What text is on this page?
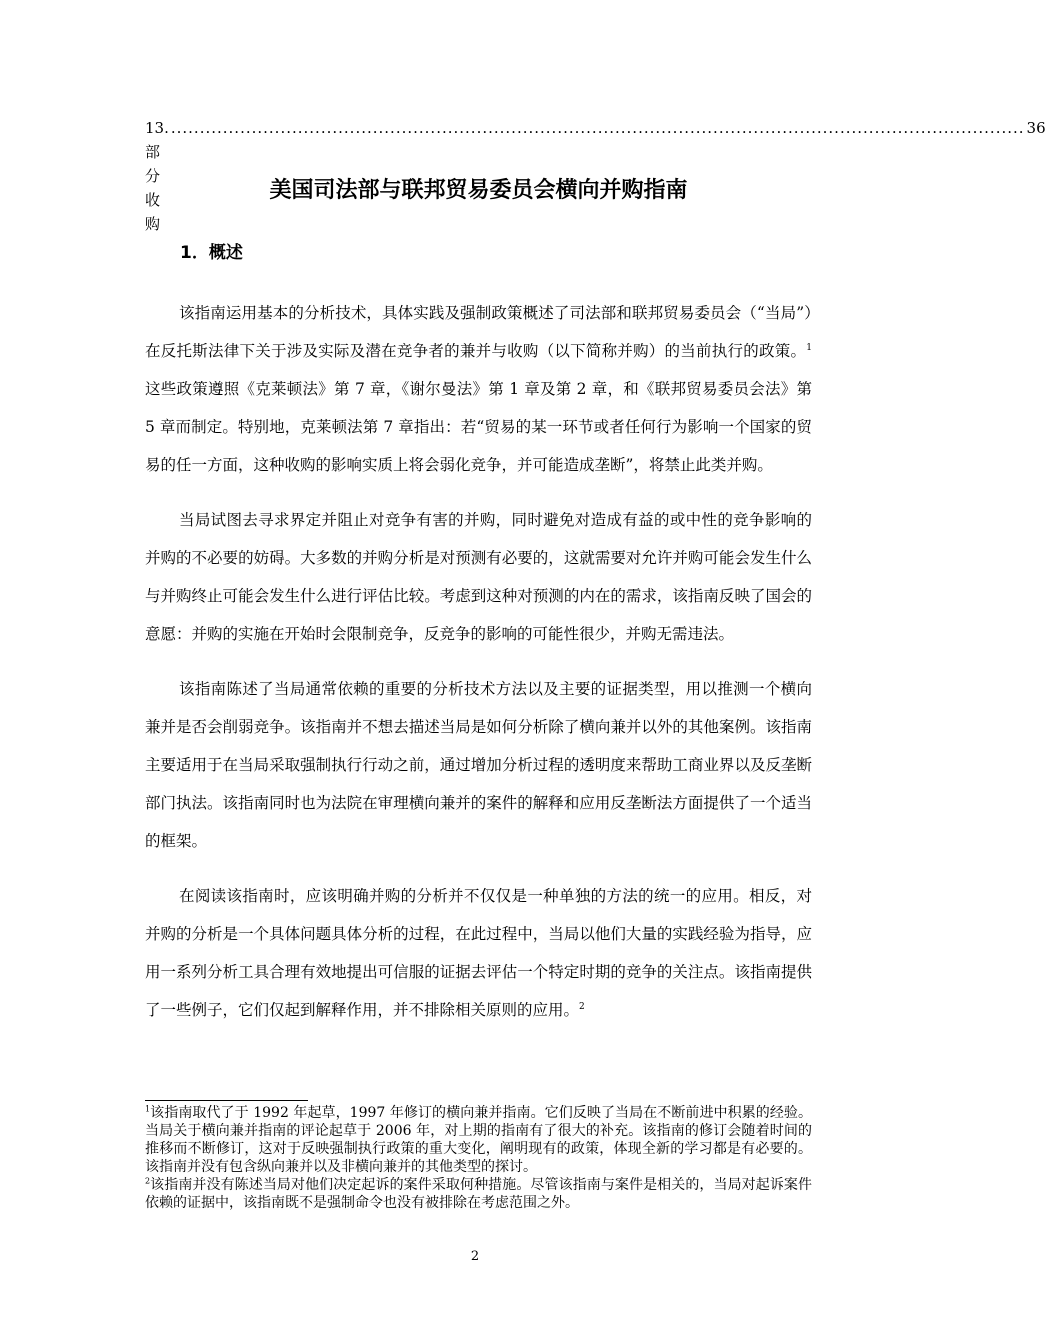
13. 部分收购
.................................................................................................................................................... 36
美国司法部与联邦贸易委员会横向并购指南
1．概述

该指南运用基本的分析技术，具体实践及强制政策概述了司法部和联邦贸易委员会（“当局”）在反托斯法律下关于涉及实际及潜在竞争者的兼并与收购（以下简称并购）的当前执行的政策。$^1$这些政策遵照《克莱顿法》第 7 章，《谢尔曼法》第 1 章及第 2 章，和《联邦贸易委员会法》第 5 章而制定。特别地，克莱顿法第 7 章指出：若“贸易的某一环节或者任何行为影响一个国家的贸易的任一方面，这种收购的影响实质上将会弱化竞争，并可能造成垄断”，将禁止此类并购。

当局试图去寻求界定并阻止对竞争有害的并购，同时避免对造成有益的或中性的竞争影响的并购的不必要的妨碍。大多数的并购分析是对预测有必要的，这就需要对允许并购可能会发生什么与并购终止可能会发生什么进行评估比较。考虑到这种对预测的内在的需求，该指南反映了国会的意愿：并购的实施在开始时会限制竞争，反竞争的影响的可能性很少，并购无需违法。

该指南陈述了当局通常依赖的重要的分析技术方法以及主要的证据类型，用以推测一个横向兼并是否会削弱竞争。该指南并不想去描述当局是如何分析除了横向兼并以外的其他案例。该指南主要适用于在当局采取强制执行行动之前，通过增加分析过程的透明度来帮助工商业界以及反垄断部门执法。该指南同时也为法院在审理横向兼并的案件的解释和应用反垄断法方面提供了一个适当的框架。

在阅读该指南时，应该明确并购的分析并不仅仅是一种单独的方法的统一的应用。相反，对并购的分析是一个具体问题具体分析的过程，在此过程中，当局以他们大量的实践经验为指导，应用一系列分析工具合理有效地提出可信服的证据去评估一个特定时期的竞争的关注点。该指南提供了一些例子，它们仅起到解释作用，并不排除相关原则的应用。$^2$

$^1$该指南取代了于 1992 年起草，1997 年修订的横向兼并指南。它们反映了当局在不断前进中积累的经验。当局关于横向兼并指南的评论起草于 2006 年，对上期的指南有了很大的补充。该指南的修订会随着时间的推移而不断修订，这对于反映强制执行政策的重大变化，阐明现有的政策，体现全新的学习都是有必要的。该指南并没有包含纵向兼并以及非横向兼并的其他类型的探讨。

$^2$该指南并没有陈述当局对他们决定起诉的案件采取何种措施。尽管该指南与案件是相关的，当局对起诉案件依赖的证据中，该指南既不是强制命令也没有被排除在考虑范围之外。

2
